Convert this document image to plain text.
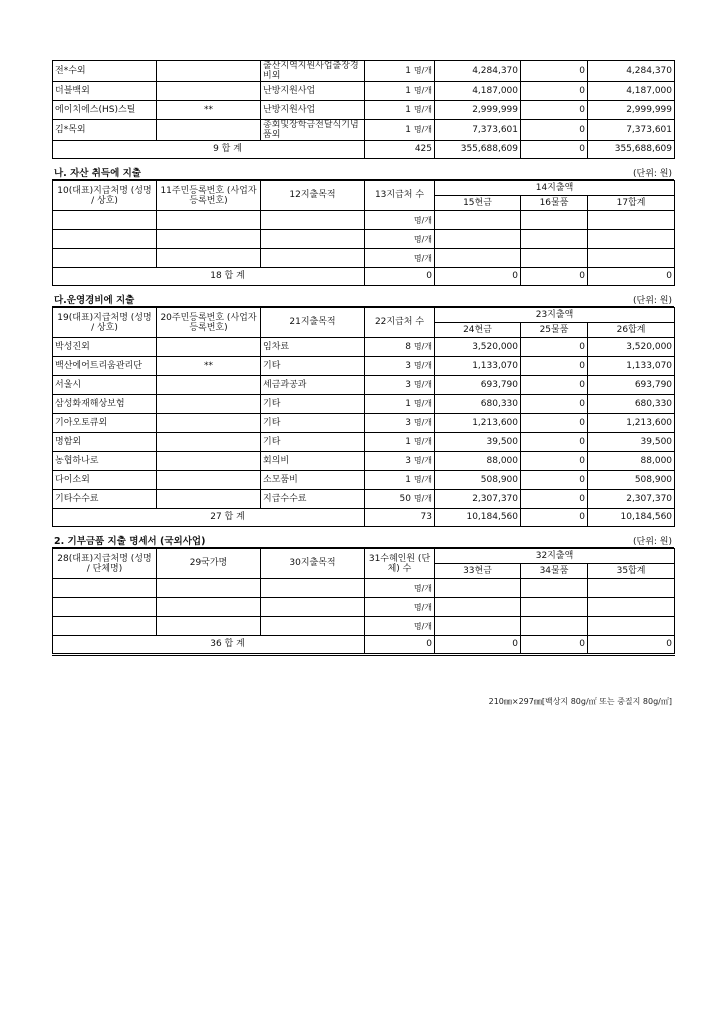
전*수외		출산지역지원사업출장경비외	1 명/개	4,284,370	0	4,284,370
더블백외		난방지원사업	1 명/개	4,187,000	0	4,187,000
에이치에스(HS)스틸	**	난방지원사업	1 명/개	2,999,999	0	2,999,999
김*목외		총회및장학금전달식기념품외	1 명/개	7,373,601	0	7,373,601
9 합 계			425	355,688,609	0	355,688,609
나. 자산 취득에 지출	(단위: 원)
10(대표)지급처명 (성명 / 상호)	11주민등록번호 (사업자등록번호)	12지출목적	13지급처 수	14지출액		
				15현금	16물품	17합계
			명/개			
			명/개			
			명/개			
18 합 계			0	0	0	0
다.운영경비에 지출	(단위: 원)
19(대표)지급처명 (성명 / 상호)	20주민등록번호 (사업자등록번호)	21지출목적	22지급처 수	23지출액		
				24현금	25물품	26합계
박성진외		임차료	8 명/개	3,520,000	0	3,520,000
백산에어트리움관리단	**	기타	3 명/개	1,133,070	0	1,133,070
서울시		세금과공과	3 명/개	693,790	0	693,790
삼성화재해상보험		기타	1 명/개	680,330	0	680,330
기아오토큐외		기타	3 명/개	1,213,600	0	1,213,600
명함외		기타	1 명/개	39,500	0	39,500
농협하나로		회의비	3 명/개	88,000	0	88,000
다이소외		소모품비	1 명/개	508,900	0	508,900
기타수수료		지급수수료	50 명/개	2,307,370	0	2,307,370
27 합 계			73	10,184,560	0	10,184,560
2. 기부금품 지출 명세서 (국외사업)	(단위: 원)
28(대표)지급처명 (성명 / 단체명)	29국가명	30지출목적	31수혜인원 (단체) 수	32지출액		
				33현금	34물품	35합계
			명/개			
			명/개			
			명/개			
36 합 계			0	0	0	0
210㎜×297㎜[백상지 80g/㎡ 또는 중질지 80g/㎡]
